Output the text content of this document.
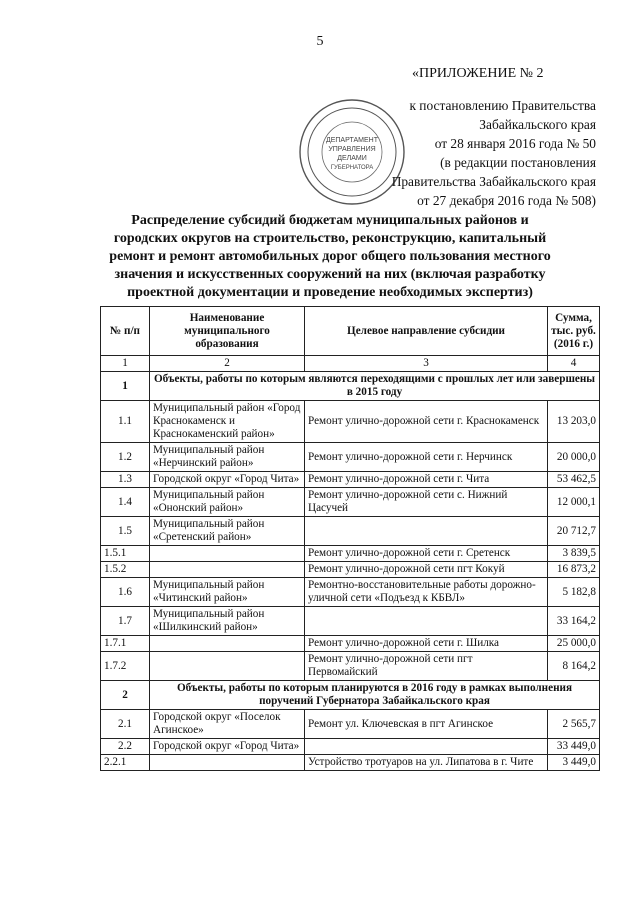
5
«ПРИЛОЖЕНИЕ № 2
ДЕПАРТАМЕНТ
УПРАВЛЕНИЯ
ДЕЛАМИ
ГУБЕРНАТОРА
к постановлению Правительства
Забайкальского края
от 28 января 2016 года № 50
(в редакции постановления
Правительства Забайкальского края
от 27 декабря 2016 года № 508)
Распределение субсидий бюджетам муниципальных районов и городских округов на строительство, реконструкцию, капитальный ремонт и ремонт автомобильных дорог общего пользования местного значения и искусственных сооружений на них (включая разработку проектной документации и проведение необходимых экспертиз)
№ п/п	Наименование муниципального образования	Целевое направление субсидии	Сумма, тыс. руб. (2016 г.)
1	2	3	4
1	Объекты, работы по которым являются переходящими с прошлых лет или завершены в 2015 году		
1.1	Муниципальный район «Город Краснокаменск и Краснокаменский район»	Ремонт улично-дорожной сети г. Краснокаменск	13 203,0
1.2	Муниципальный район «Нерчинский район»	Ремонт улично-дорожной сети г. Нерчинск	20 000,0
1.3	Городской округ «Город Чита»	Ремонт улично-дорожной сети г. Чита	53 462,5
1.4	Муниципальный район «Ононский район»	Ремонт улично-дорожной сети с. Нижний Цасучей	12 000,1
1.5	Муниципальный район «Сретенский район»		20 712,7
1.5.1		Ремонт улично-дорожной сети г. Сретенск	3 839,5
1.5.2		Ремонт улично-дорожной сети пгт Кокуй	16 873,2
1.6	Муниципальный район «Читинский район»	Ремонтно-восстановительные работы дорожно-уличной сети «Подъезд к КБВЛ»	5 182,8
1.7	Муниципальный район «Шилкинский район»		33 164,2
1.7.1		Ремонт улично-дорожной сети г. Шилка	25 000,0
1.7.2		Ремонт улично-дорожной сети пгт Первомайский	8 164,2
2	Объекты, работы по которым планируются в 2016 году в рамках выполнения поручений Губернатора Забайкальского края		
2.1	Городской округ «Поселок Агинское»	Ремонт ул. Ключевская в пгт Агинское	2 565,7
2.2	Городской округ «Город Чита»		33 449,0
2.2.1		Устройство тротуаров на ул. Липатова в г. Чите	3 449,0
